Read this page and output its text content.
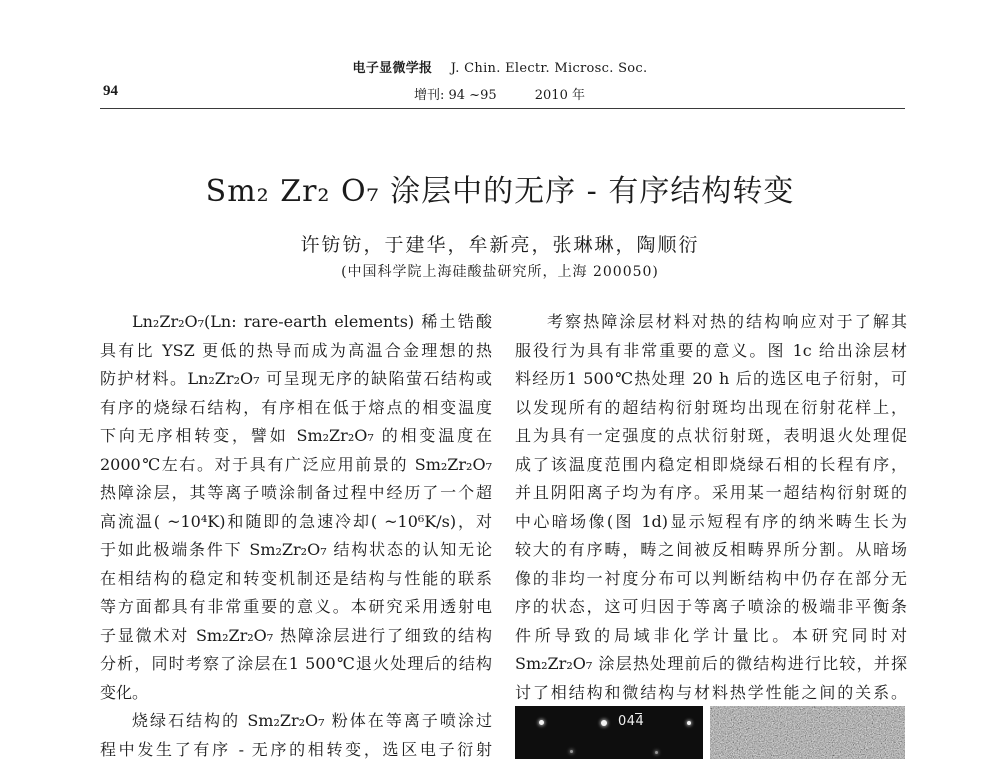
电子显微学报 J. Chin. Electr. Microsc. Soc.
94	增刊: 94 ~95	2010 年
Sm₂ Zr₂ O₇ 涂层中的无序 - 有序结构转变
许钫钫，于建华，牟新亮，张琳琳，陶顺衍
(中国科学院上海硅酸盐研究所，上海 200050)
Ln₂Zr₂O₇(Ln: rare-earth elements) 稀土锆酸
具有比 YSZ 更低的热导而成为高温合金理想的热
防护材料。Ln₂Zr₂O₇ 可呈现无序的缺陷萤石结构或
有序的烧绿石结构，有序相在低于熔点的相变温度
下向无序相转变，譬如 Sm₂Zr₂O₇ 的相变温度在
2000℃左右。对于具有广泛应用前景的 Sm₂Zr₂O₇
热障涂层，其等离子喷涂制备过程中经历了一个超
高流温( ~10⁴K)和随即的急速冷却( ~10⁶K/s)，对
于如此极端条件下 Sm₂Zr₂O₇ 结构状态的认知无论
在相结构的稳定和转变机制还是结构与性能的联系
等方面都具有非常重要的意义。本研究采用透射电
子显微术对 Sm₂Zr₂O₇ 热障涂层进行了细致的结构
分析，同时考察了涂层在1 500℃退火处理后的结构
变化。
烧绿石结构的 Sm₂Zr₂O₇ 粉体在等离子喷涂过
程中发生了有序 - 无序的相转变，选区电子衍射
考察热障涂层材料对热的结构响应对于了解其
服役行为具有非常重要的意义。图 1c 给出涂层材
料经历1 500℃热处理 20 h 后的选区电子衍射，可
以发现所有的超结构衍射斑均出现在衍射花样上，
且为具有一定强度的点状衍射斑，表明退火处理促
成了该温度范围内稳定相即烧绿石相的长程有序，
并且阴阳离子均为有序。采用某一超结构衍射斑的
中心暗场像(图 1d)显示短程有序的纳米畴生长为
较大的有序畴，畴之间被反相畴界所分割。从暗场
像的非均一衬度分布可以判断结构中仍存在部分无
序的状态，这可归因于等离子喷涂的极端非平衡条
件所导致的局域非化学计量比。本研究同时对
Sm₂Zr₂O₇ 涂层热处理前后的微结构进行比较，并探
讨了相结构和微结构与材料热学性能之间的关系。
044
